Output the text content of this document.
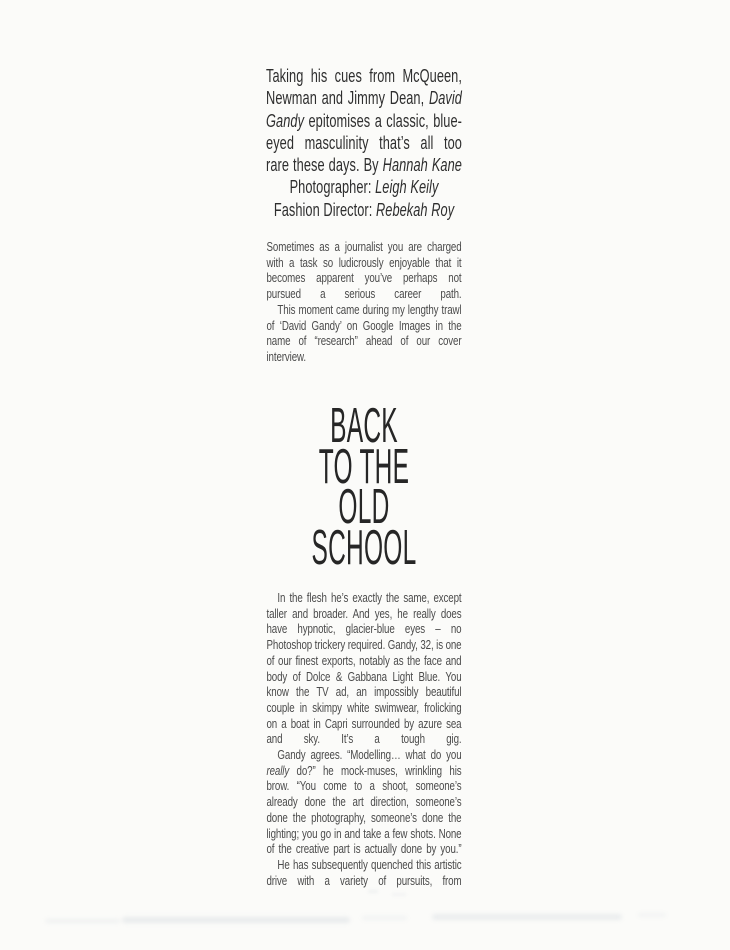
Taking his cues from McQueen,
Newman and Jimmy Dean, David
Gandy epitomises a classic, blue-
eyed masculinity that’s all too
rare these days. By Hannah Kane
Photographer: Leigh Keily
Fashion Director: Rebekah Roy

Sometimes as a journalist you are charged with a task so ludicrously enjoyable that it becomes apparent you’ve perhaps not pursued a serious career path.

This moment came during my lengthy trawl of ‘David Gandy’ on Google Images in the name of “research” ahead of our cover interview.

BACK
TO THE
OLD
SCHOOL

In the flesh he’s exactly the same, except taller and broader. And yes, he really does have hypnotic, glacier-blue eyes – no Photoshop trickery required. Gandy, 32, is one of our finest exports, notably as the face and body of Dolce & Gabbana Light Blue. You know the TV ad, an impossibly beautiful couple in skimpy white swimwear, frolicking on a boat in Capri surrounded by azure sea and sky. It’s a tough gig.

Gandy agrees. “Modelling… what do you really do?” he mock-muses, wrinkling his brow. “You come to a shoot, someone’s already done the art direction, someone’s done the photography, someone’s done the lighting; you go in and take a few shots. None of the creative part is actually done by you.”

He has subsequently quenched this artistic drive with a variety of pursuits, from
